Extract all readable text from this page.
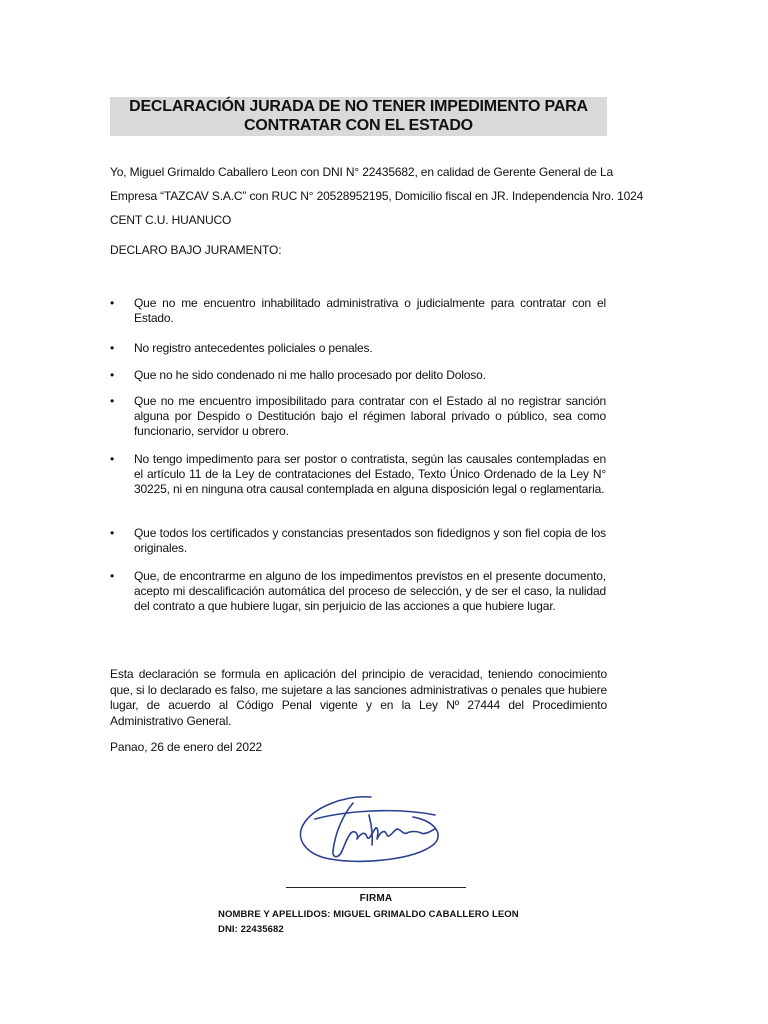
DECLARACIÓN JURADA DE NO TENER IMPEDIMENTO PARA
CONTRATAR CON EL ESTADO
Yo, Miguel Grimaldo Caballero Leon con DNI N° 22435682, en calidad de Gerente General de La
Empresa “TAZCAV S.A.C” con RUC N° 20528952195, Domicilio fiscal en JR. Independencia Nro. 1024
CENT C.U. HUANUCO
DECLARO BAJO JURAMENTO:
•	Que no me encuentro inhabilitado administrativa o judicialmente para contratar con el Estado.
•	No registro antecedentes policiales o penales.
•	Que no he sido condenado ni me hallo procesado por delito Doloso.
•	Que no me encuentro imposibilitado para contratar con el Estado al no registrar sanción alguna por Despido o Destitución bajo el régimen laboral privado o público, sea como funcionario, servidor u obrero.
•	No tengo impedimento para ser postor o contratista, según las causales contempladas en el artículo 11 de la Ley de contrataciones del Estado, Texto Único Ordenado de la Ley N° 30225, ni en ninguna otra causal contemplada en alguna disposición legal o reglamentaria.
•	Que todos los certificados y constancias presentados son fidedignos y son fiel copia de los originales.
•	Que, de encontrarme en alguno de los impedimentos previstos en el presente documento, acepto mi descalificación automática del proceso de selección, y de ser el caso, la nulidad del contrato a que hubiere lugar, sin perjuicio de las acciones a que hubiere lugar.
Esta declaración se formula en aplicación del principio de veracidad, teniendo conocimiento que, si lo declarado es falso, me sujetare a las sanciones administrativas o penales que hubiere lugar, de acuerdo al Código Penal vigente y en la Ley Nº 27444 del Procedimiento Administrativo General.
Panao, 26 de enero del 2022
FIRMA
NOMBRE Y APELLIDOS: MIGUEL GRIMALDO CABALLERO LEON
DNI: 22435682
